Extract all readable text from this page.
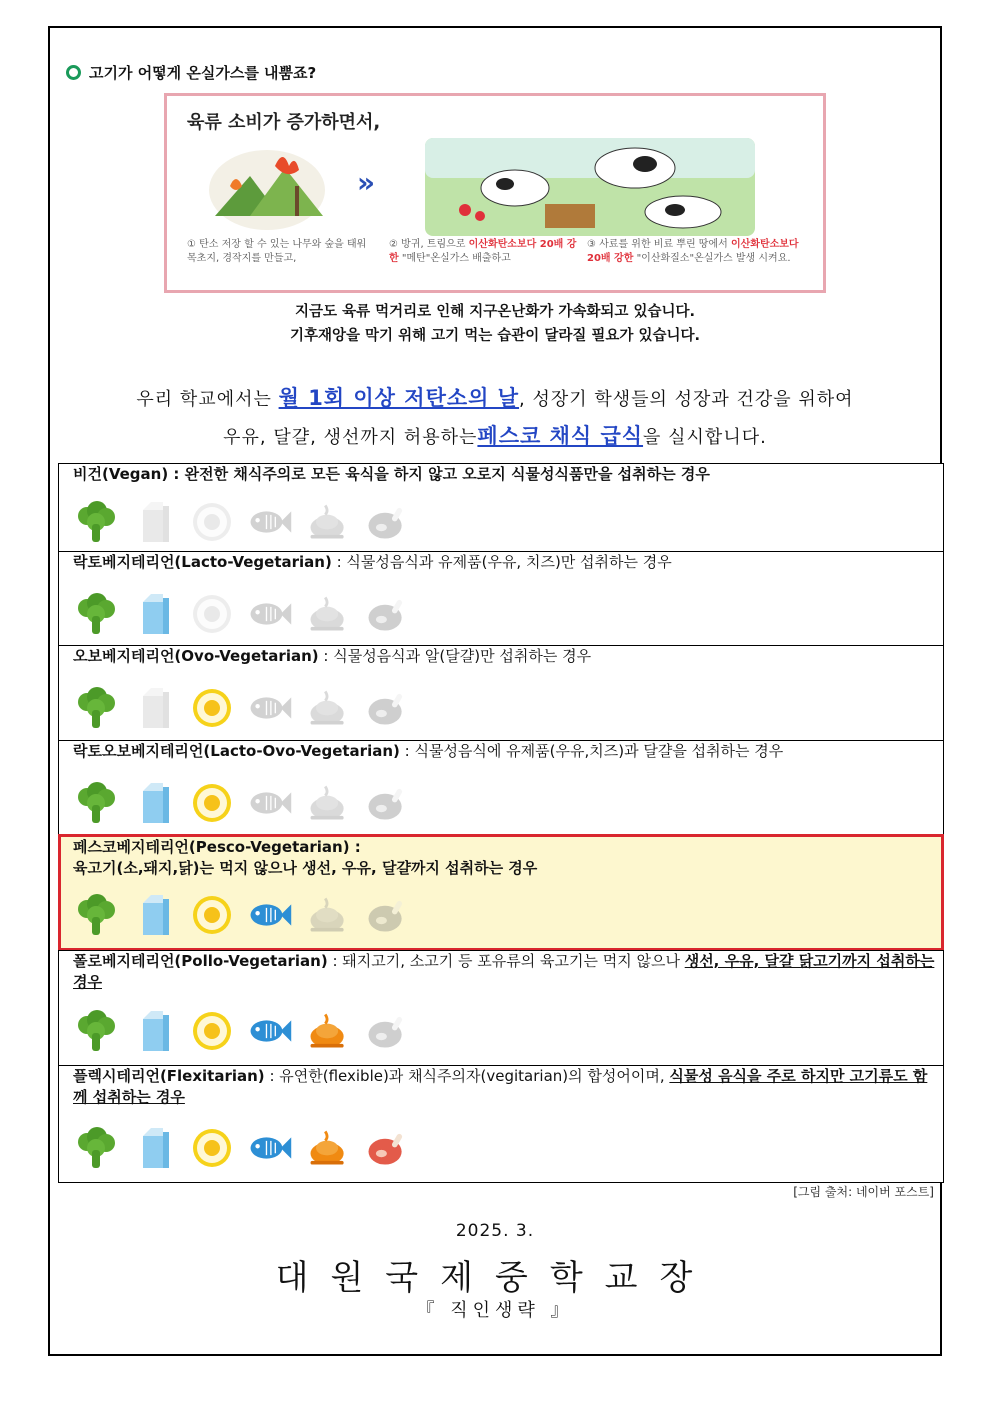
고기가 어떻게 온실가스를 내뿜죠?
육류 소비가 증가하면서,
»
① 탄소 저장 할 수 있는 나무와 숲을 태워 목초지, 경작지를 만들고,
② 방귀, 트림으로 이산화탄소보다 20배 강한 "메탄"온실가스 배출하고
③ 사료를 위한 비료 뿌린 땅에서 이산화탄소보다 20배 강한 "이산화질소"온실가스 발생 시켜요.
지금도 육류 먹거리로 인해 지구온난화가 가속화되고 있습니다.
기후재앙을 막기 위해 고기 먹는 습관이 달라질 필요가 있습니다.
우리 학교에서는 월 1회 이상 저탄소의 날, 성장기 학생들의 성장과 건강을 위하여
우유, 달걀, 생선까지 허용하는페스코 채식 급식을 실시합니다.
비건(Vegan) : 완전한 채식주의로 모든 육식을 하지 않고 오로지 식물성식품만을 섭취하는 경우
락토베지테리언(Lacto-Vegetarian) : 식물성음식과 유제품(우유, 치즈)만 섭취하는 경우
오보베지테리언(Ovo-Vegetarian) : 식물성음식과 알(달걀)만 섭취하는 경우
락토오보베지테리언(Lacto-Ovo-Vegetarian) : 식물성음식에 유제품(우유,치즈)과 달걀을 섭취하는 경우
페스코베지테리언(Pesco-Vegetarian) :
육고기(소,돼지,닭)는 먹지 않으나 생선, 우유, 달걀까지 섭취하는 경우
폴로베지테리언(Pollo-Vegetarian) : 돼지고기, 소고기 등 포유류의 육고기는 먹지 않으나 생선, 우유, 달걀 닭고기까지 섭취하는 경우
플렉시테리언(Flexitarian) : 유연한(flexible)과 채식주의자(vegitarian)의 합성어이며, 식물성 음식을 주로 하지만 고기류도 함께 섭취하는 경우
[그림 출처: 네이버 포스트]
2025. 3.
대원국제중학교장
『 직인생략 』
